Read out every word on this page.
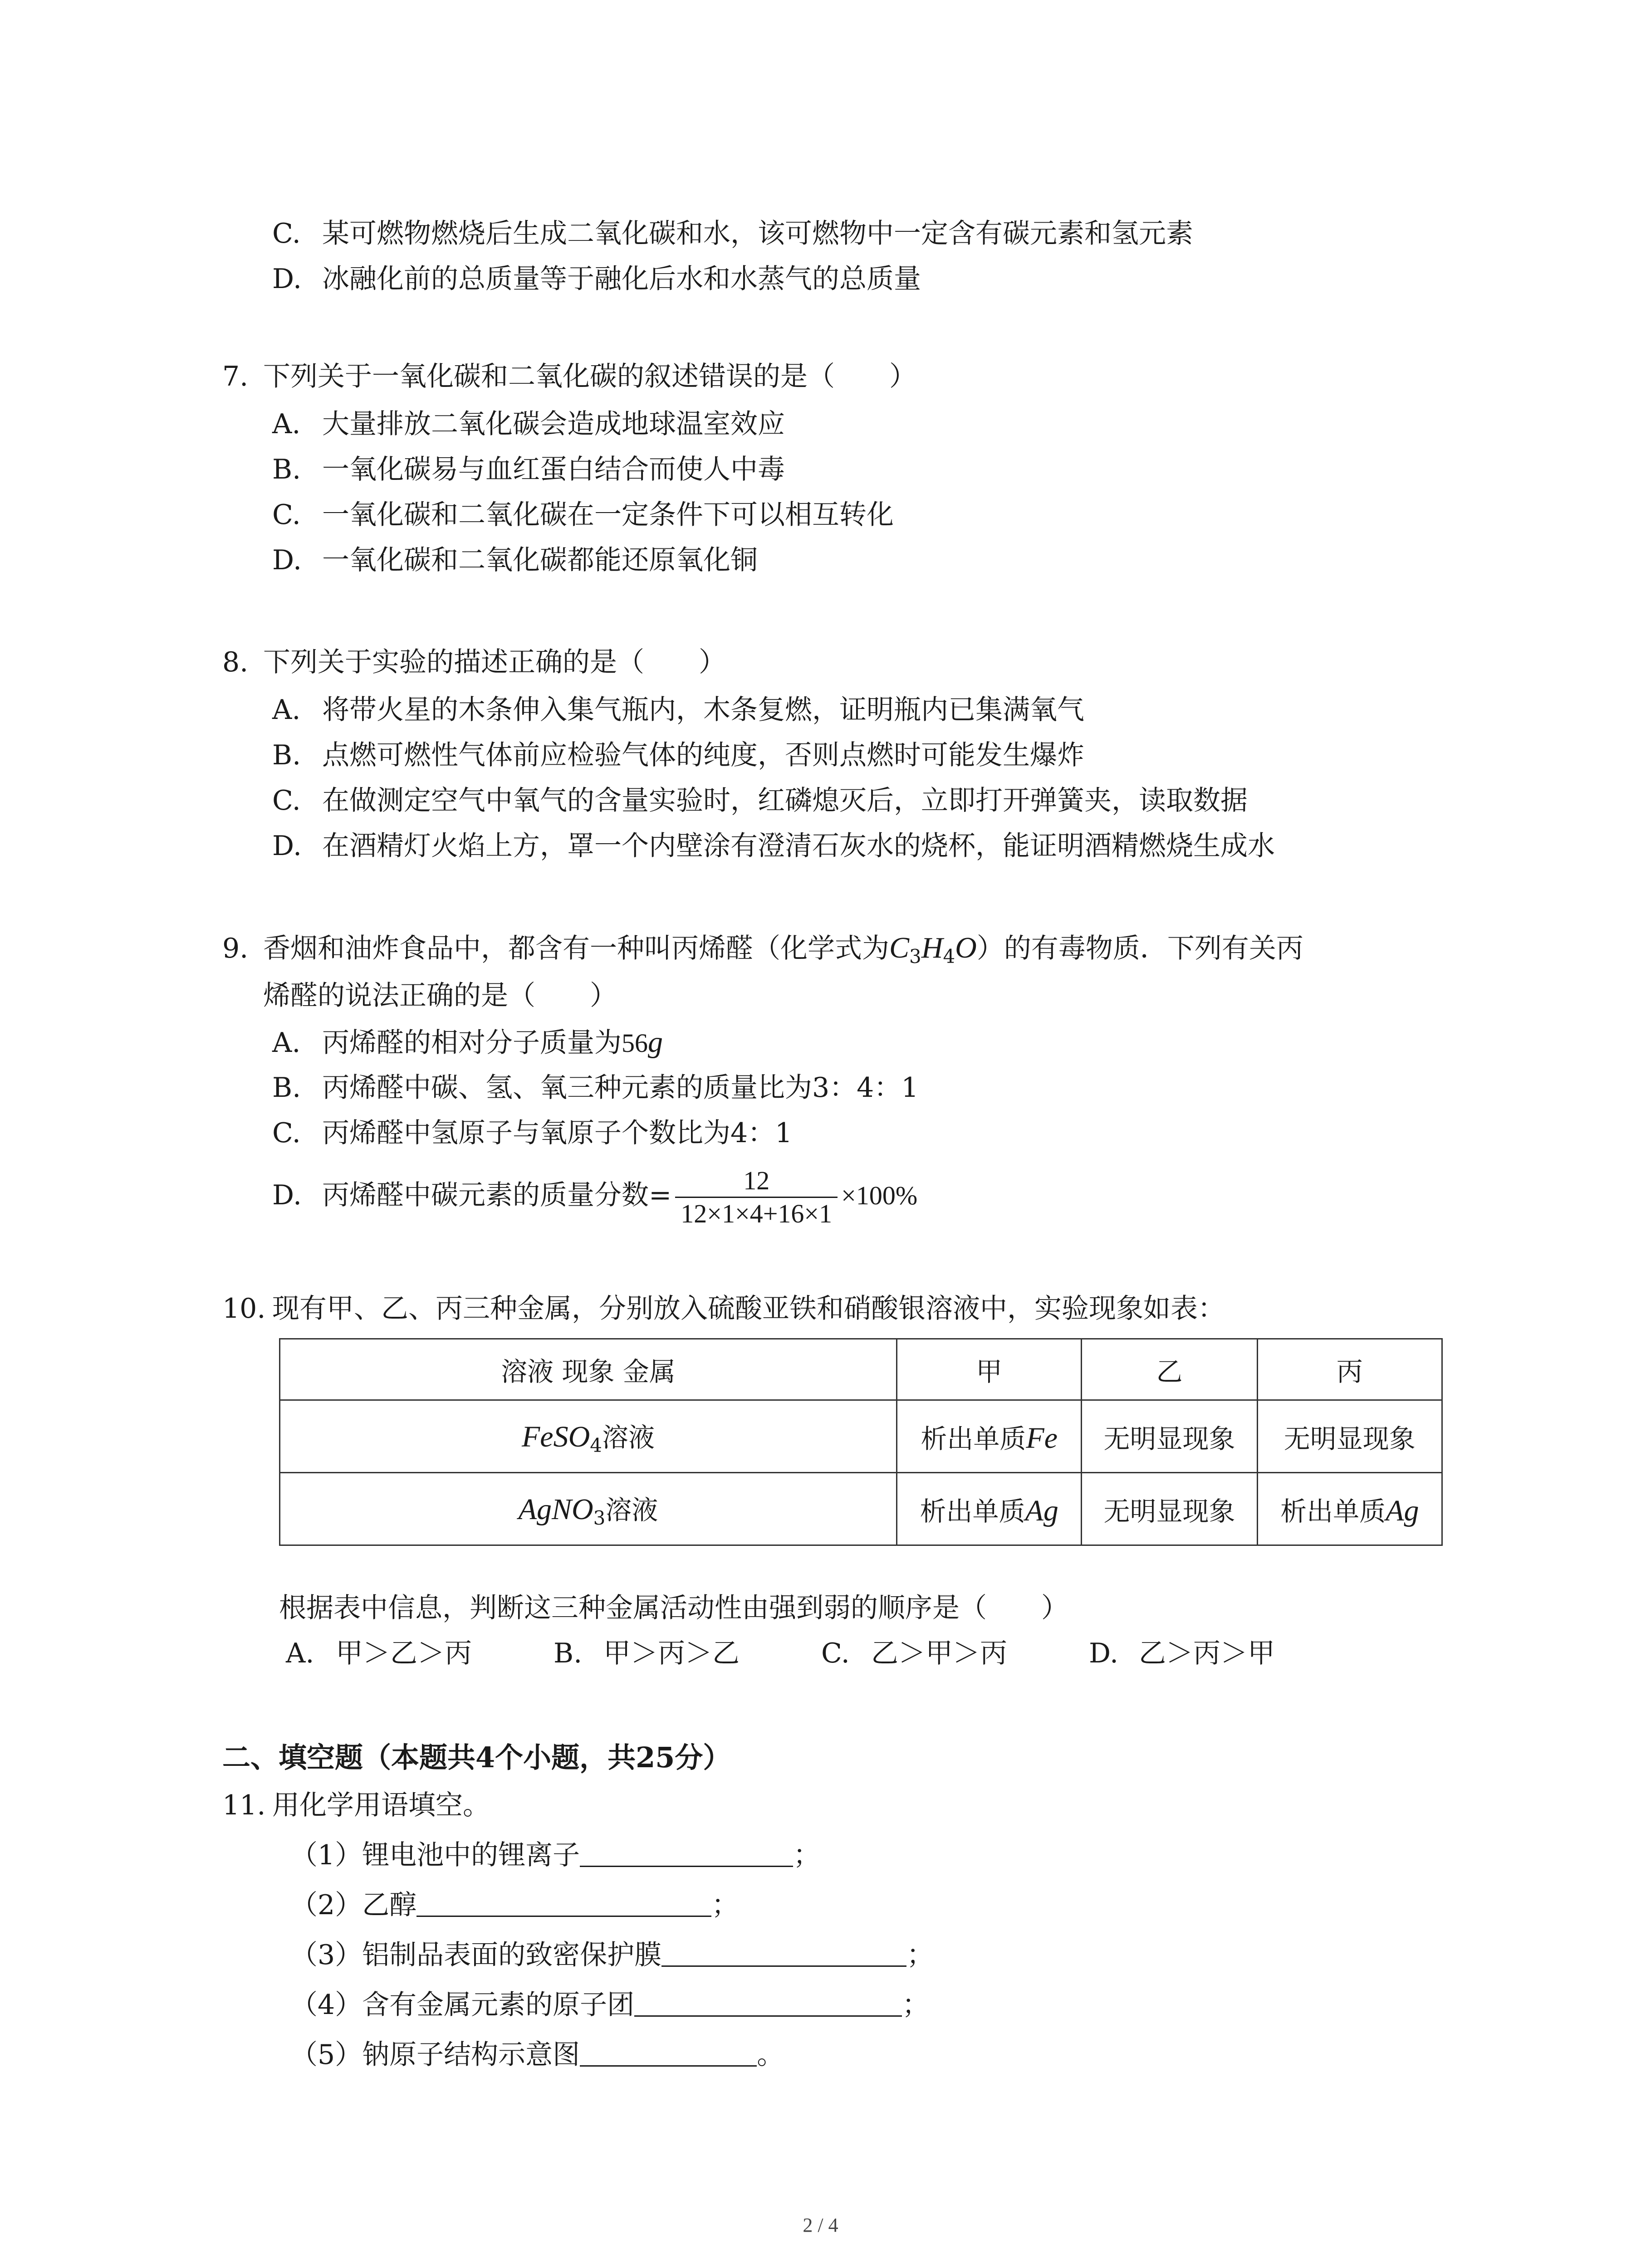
C. 某可燃物燃烧后生成二氧化碳和水，该可燃物中一定含有碳元素和氢元素
D. 冰融化前的总质量等于融化后水和水蒸气的总质量
7. 下列关于一氧化碳和二氧化碳的叙述错误的是（　　）
A. 大量排放二氧化碳会造成地球温室效应
B. 一氧化碳易与血红蛋白结合而使人中毒
C. 一氧化碳和二氧化碳在一定条件下可以相互转化
D. 一氧化碳和二氧化碳都能还原氧化铜
8. 下列关于实验的描述正确的是（　　）
A. 将带火星的木条伸入集气瓶内，木条复燃，证明瓶内已集满氧气
B. 点燃可燃性气体前应检验气体的纯度，否则点燃时可能发生爆炸
C. 在做测定空气中氧气的含量实验时，红磷熄灭后，立即打开弹簧夹，读取数据
D. 在酒精灯火焰上方，罩一个内壁涂有澄清石灰水的烧杯，能证明酒精燃烧生成水
9. 香烟和油炸食品中，都含有一种叫丙烯醛（化学式为$C_3H_4O$）的有毒物质．下列有关丙
烯醛的说法正确的是（　　）
A. 丙烯醛的相对分子质量为56g
B. 丙烯醛中碳、氢、氧三种元素的质量比为3：4：1
C. 丙烯醛中氢原子与氧原子个数比为4：1
D. 丙烯醛中碳元素的质量分数= $\frac{12}{12\times 1\times 4+16\times 1} \times 100\%$
10. 现有甲、乙、丙三种金属，分别放入硫酸亚铁和硝酸银溶液中，实验现象如表：
溶液 现象 金属	甲	乙	丙
FeSO$_4$溶液	析出单质Fe	无明显现象	无明显现象
AgNO$_3$溶液	析出单质Ag	无明显现象	析出单质Ag
根据表中信息，判断这三种金属活动性由强到弱的顺序是（　　）
A. 甲＞乙＞丙	B. 甲＞丙＞乙	C. 乙＞甲＞丙	D. 乙＞丙＞甲
二、填空题（本题共4个小题，共25分）
11. 用化学用语填空。
（1）锂电池中的锂离子	；
（2）乙醇	；
（3）铝制品表面的致密保护膜	；
（4）含有金属元素的原子团	；
（5）钠原子结构示意图	。
2 / 4
